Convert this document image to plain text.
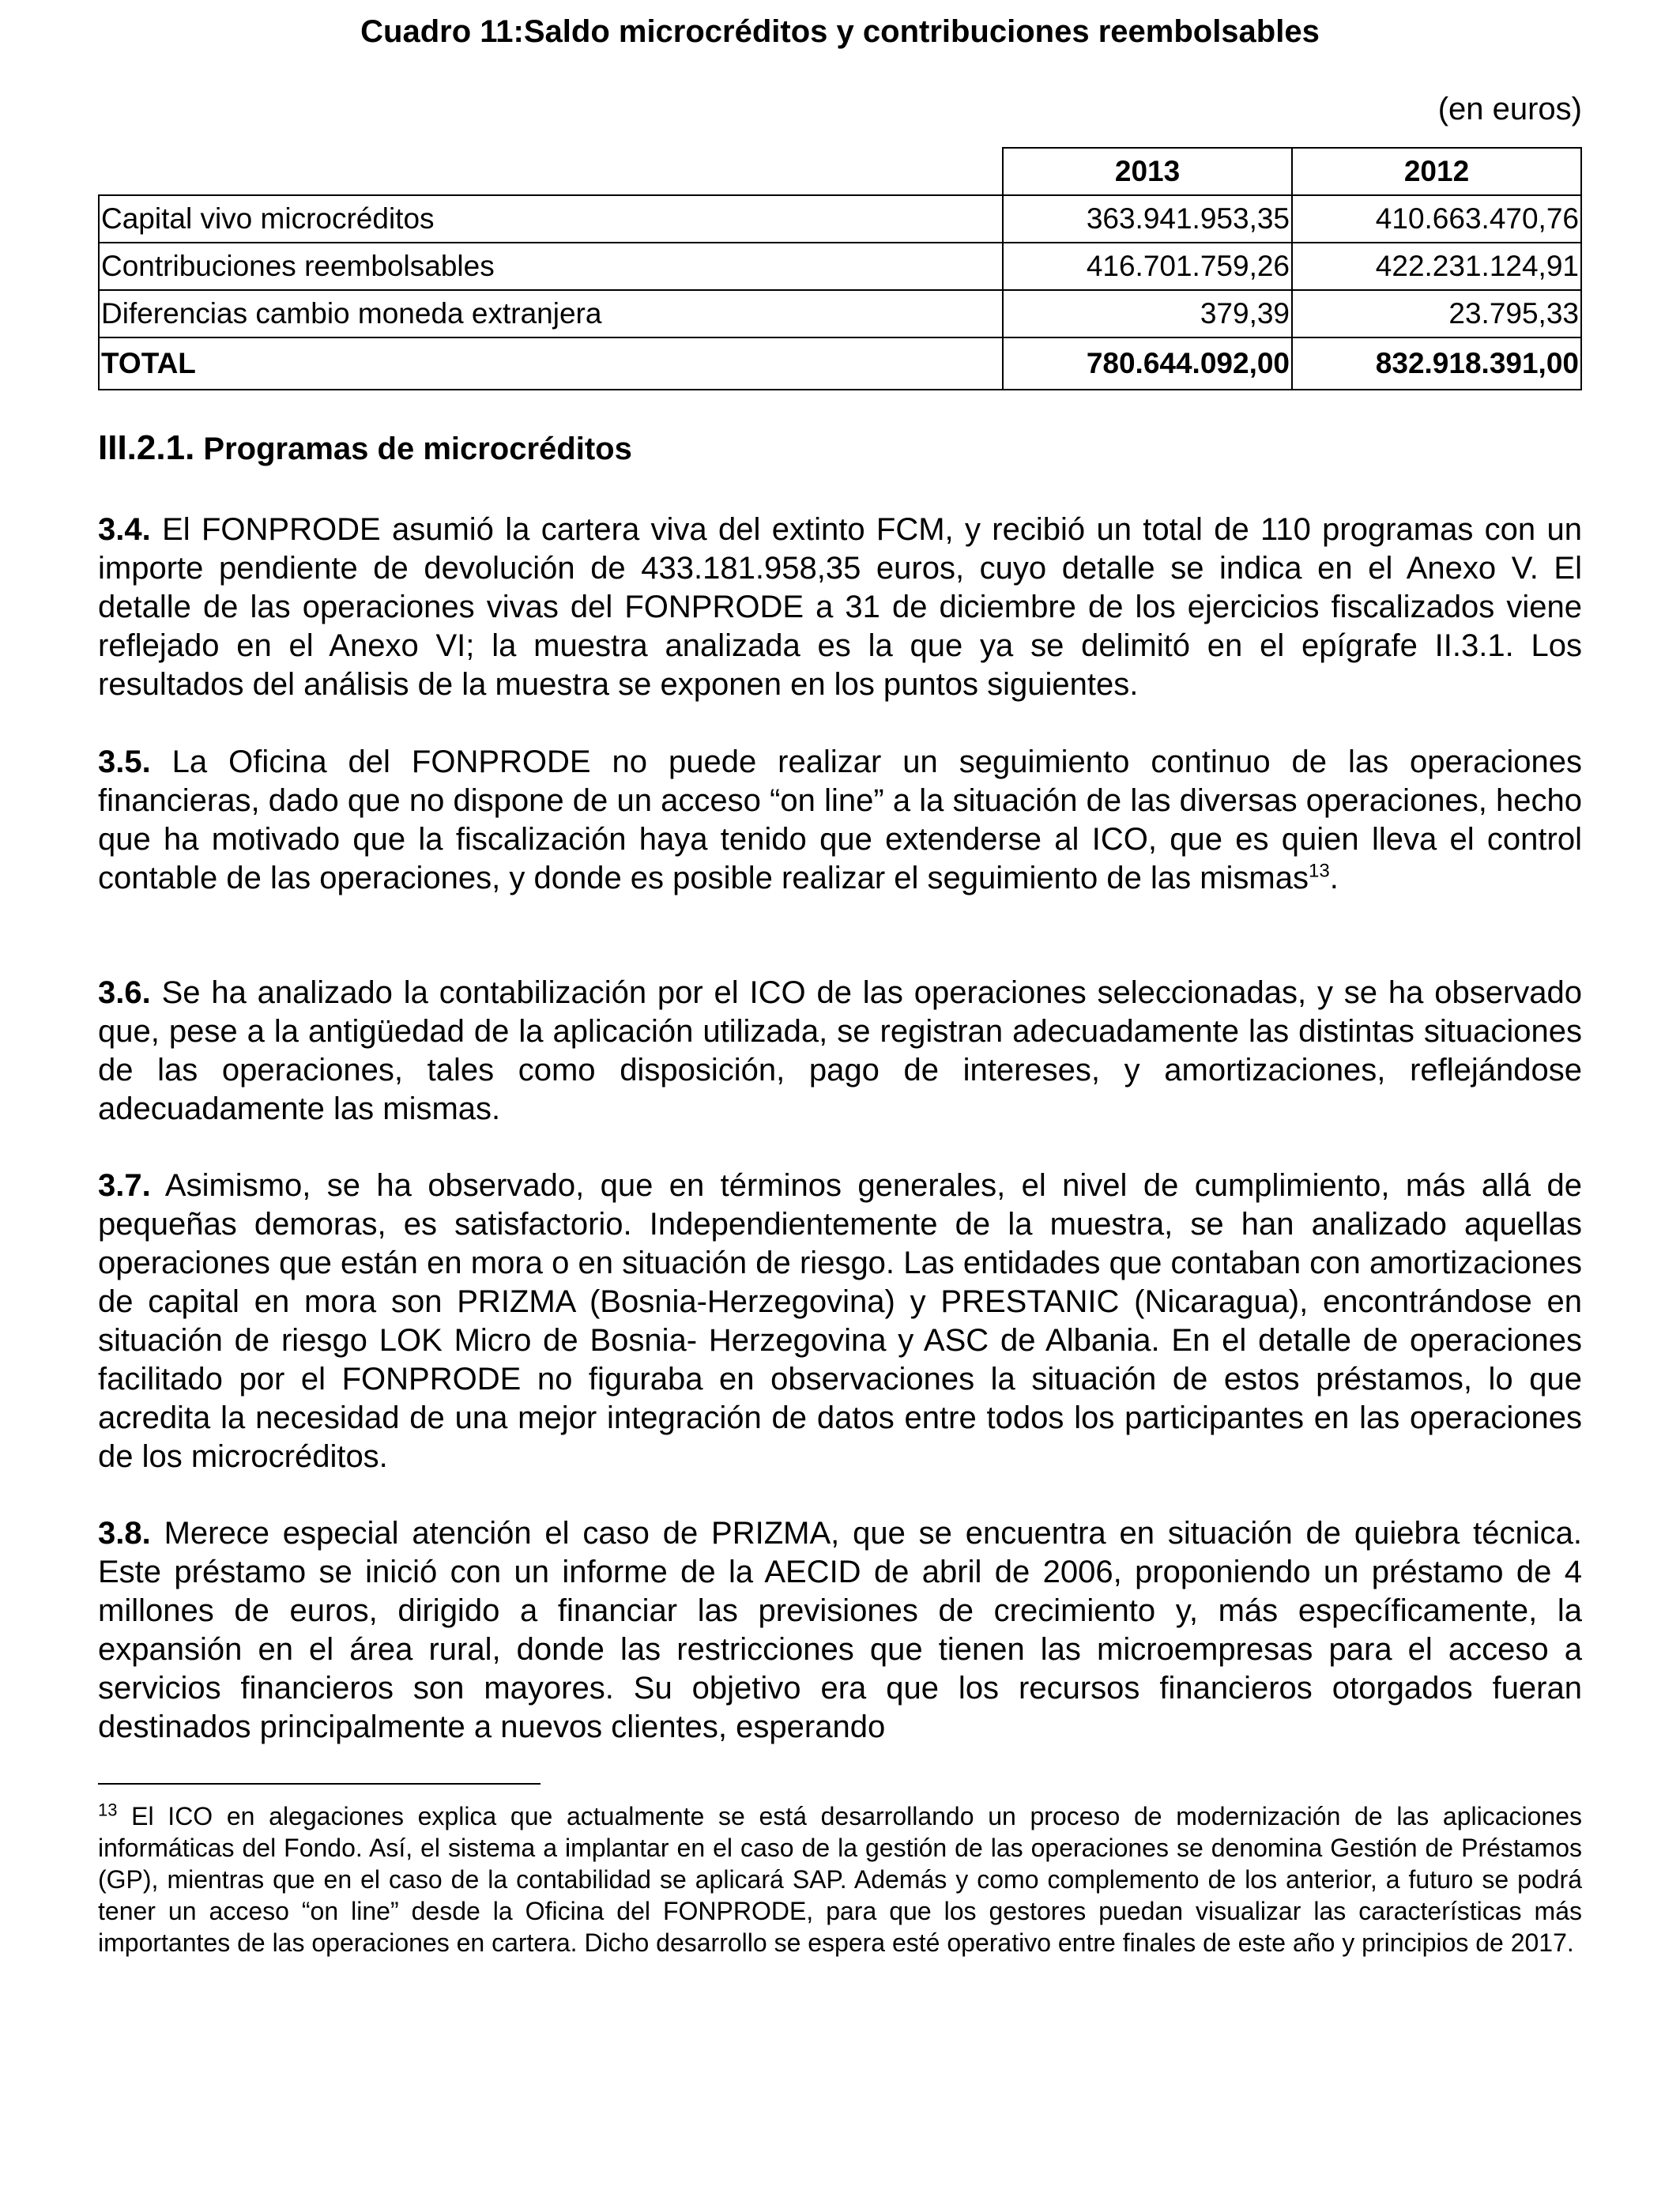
Cuadro 11:Saldo microcréditos y contribuciones reembolsables
(en euros)
	2013	2012
Capital vivo microcréditos	363.941.953,35	410.663.470,76
Contribuciones reembolsables	416.701.759,26	422.231.124,91
Diferencias cambio moneda extranjera	379,39	23.795,33
TOTAL	780.644.092,00	832.918.391,00
III.2.1. Programas de microcréditos
3.4. El FONPRODE asumió la cartera viva del extinto FCM, y recibió un total de 110 programas con un importe pendiente de devolución de 433.181.958,35 euros, cuyo detalle se indica en el Anexo V. El detalle de las operaciones vivas del FONPRODE a 31 de diciembre de los ejercicios fiscalizados viene reflejado en el Anexo VI; la muestra analizada es la que ya se delimitó en el epígrafe II.3.1. Los resultados del análisis de la muestra se exponen en los puntos siguientes.
3.5. La Oficina del FONPRODE no puede realizar un seguimiento continuo de las operaciones financieras, dado que no dispone de un acceso “on line” a la situación de las diversas operaciones, hecho que ha motivado que la fiscalización haya tenido que extenderse al ICO, que es quien lleva el control contable de las operaciones, y donde es posible realizar el seguimiento de las mismas$^{13}$.
3.6. Se ha analizado la contabilización por el ICO de las operaciones seleccionadas, y se ha observado que, pese a la antigüedad de la aplicación utilizada, se registran adecuadamente las distintas situaciones de las operaciones, tales como disposición, pago de intereses, y amortizaciones, reflejándose adecuadamente las mismas.
3.7. Asimismo, se ha observado, que en términos generales, el nivel de cumplimiento, más allá de pequeñas demoras, es satisfactorio. Independientemente de la muestra, se han analizado aquellas operaciones que están en mora o en situación de riesgo. Las entidades que contaban con amortizaciones de capital en mora son PRIZMA (Bosnia-Herzegovina) y PRESTANIC (Nicaragua), encontrándose en situación de riesgo LOK Micro de Bosnia- Herzegovina y ASC de Albania. En el detalle de operaciones facilitado por el FONPRODE no figuraba en observaciones la situación de estos préstamos, lo que acredita la necesidad de una mejor integración de datos entre todos los participantes en las operaciones de los microcréditos.
3.8. Merece especial atención el caso de PRIZMA, que se encuentra en situación de quiebra técnica. Este préstamo se inició con un informe de la AECID de abril de 2006, proponiendo un préstamo de 4 millones de euros, dirigido a financiar las previsiones de crecimiento y, más específicamente, la expansión en el área rural, donde las restricciones que tienen las microempresas para el acceso a servicios financieros son mayores. Su objetivo era que los recursos financieros otorgados fueran destinados principalmente a nuevos clientes, esperando
$^{13}$ El ICO en alegaciones explica que actualmente se está desarrollando un proceso de modernización de las aplicaciones informáticas del Fondo. Así, el sistema a implantar en el caso de la gestión de las operaciones se denomina Gestión de Préstamos (GP), mientras que en el caso de la contabilidad se aplicará SAP. Además y como complemento de los anterior, a futuro se podrá tener un acceso “on line” desde la Oficina del FONPRODE, para que los gestores puedan visualizar las características más importantes de las operaciones en cartera. Dicho desarrollo se espera esté operativo entre finales de este año y principios de 2017.
